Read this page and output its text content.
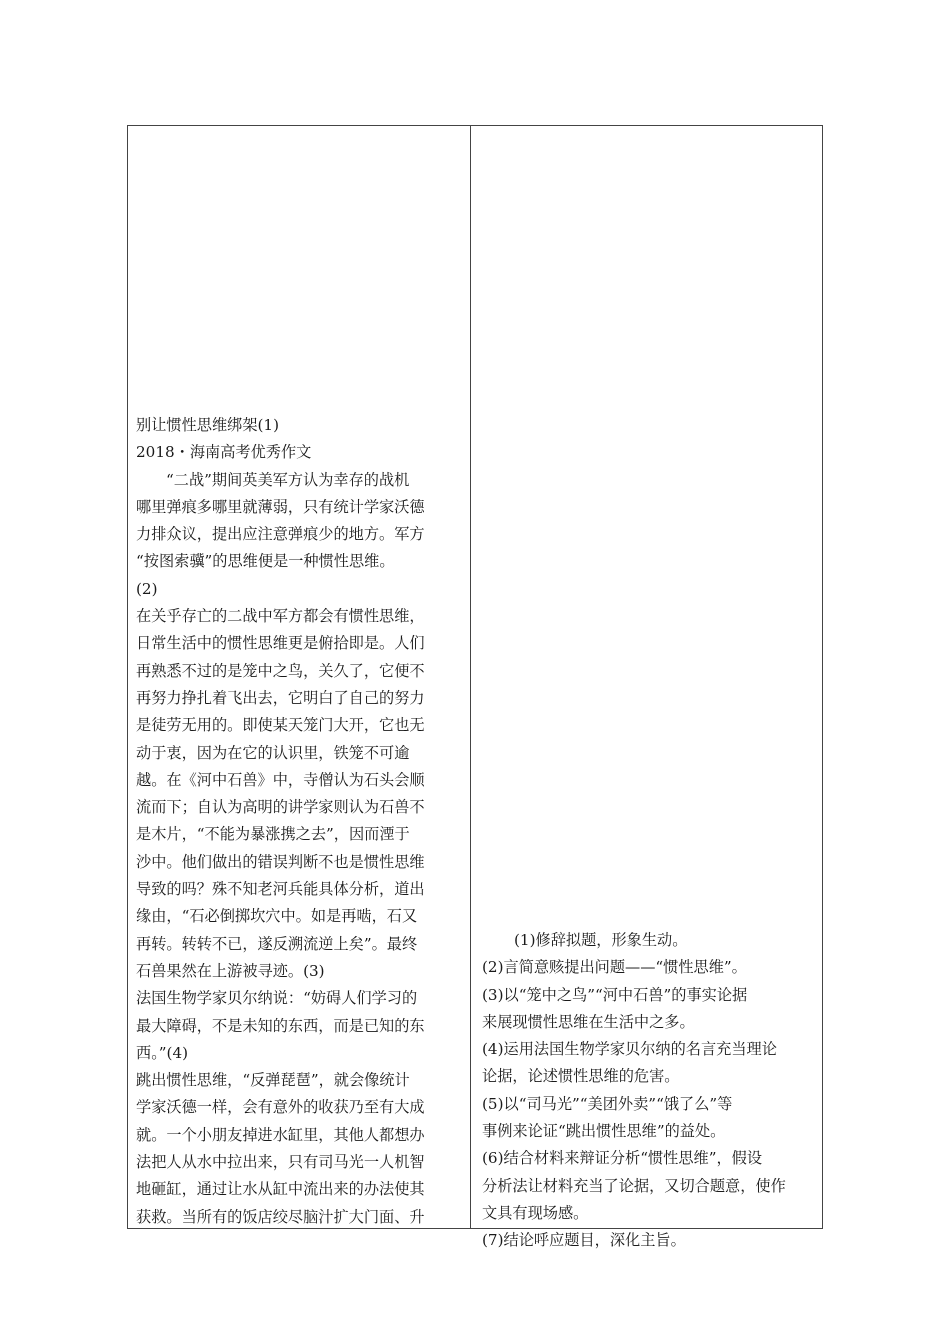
别让惯性思维绑架(1)
2018・海南高考优秀作文
“二战”期间英美军方认为幸存的战机
哪里弹痕多哪里就薄弱，只有统计学家沃德
力排众议，提出应注意弹痕少的地方。军方
“按图索骥”的思维便是一种惯性思维。
(2)
在关乎存亡的二战中军方都会有惯性思维，
日常生活中的惯性思维更是俯拾即是。人们
再熟悉不过的是笼中之鸟，关久了，它便不
再努力挣扎着飞出去，它明白了自己的努力
是徒劳无用的。即使某天笼门大开，它也无
动于衷，因为在它的认识里，铁笼不可逾
越。在《河中石兽》中，寺僧认为石头会顺
流而下；自认为高明的讲学家则认为石兽不
是木片，“不能为暴涨携之去”，因而湮于
沙中。他们做出的错误判断不也是惯性思维
导致的吗？殊不知老河兵能具体分析，道出
缘由，“石必倒掷坎穴中。如是再啮，石又
再转。转转不已，遂反溯流逆上矣”。最终
石兽果然在上游被寻迹。(3)
法国生物学家贝尔纳说：“妨碍人们学习的
最大障碍，不是未知的东西，而是已知的东
西。”(4)
跳出惯性思维，“反弹琵琶”，就会像统计
学家沃德一样，会有意外的收获乃至有大成
就。一个小朋友掉进水缸里，其他人都想办
法把人从水中拉出来，只有司马光一人机智
地砸缸，通过让水从缸中流出来的办法使其
获救。当所有的饭店绞尽脑汁扩大门面、升
(1)修辞拟题，形象生动。
(2)言简意赅提出问题——“惯性思维”。
(3)以“笼中之鸟”“河中石兽”的事实论据
来展现惯性思维在生活中之多。
(4)运用法国生物学家贝尔纳的名言充当理论
论据，论述惯性思维的危害。
(5)以“司马光”“美团外卖”“饿了么”等
事例来论证“跳出惯性思维”的益处。
(6)结合材料来辩证分析“惯性思维”，假设
分析法让材料充当了论据，又切合题意，使作
文具有现场感。
(7)结论呼应题目，深化主旨。
